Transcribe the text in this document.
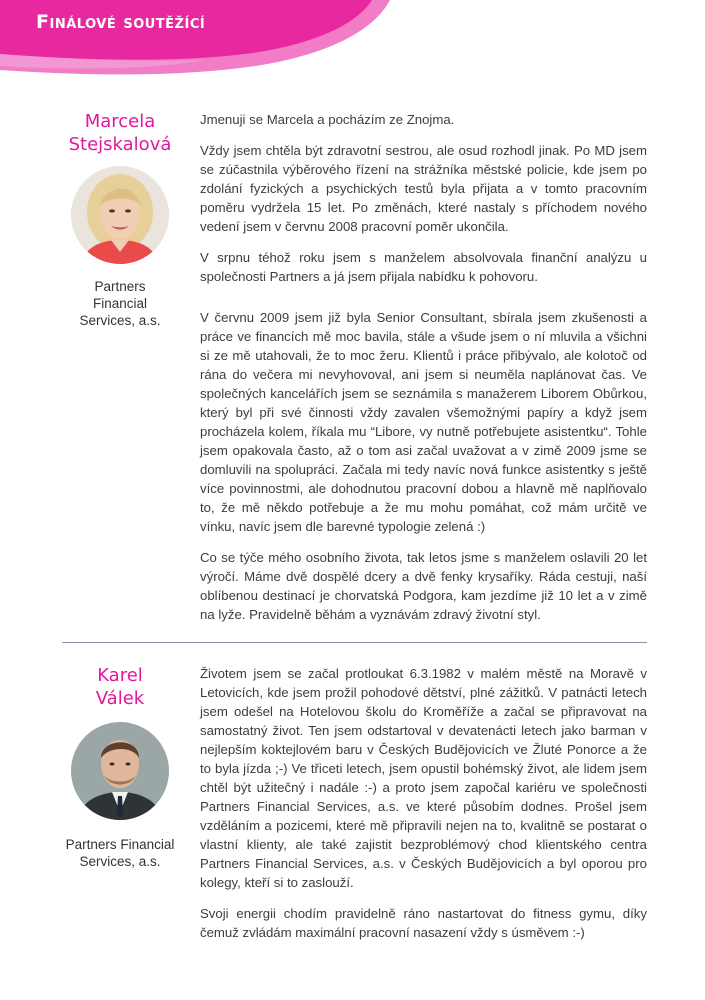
Finálové soutěžící
Marcela
Stejskalová
Partners
Financial
Services, a.s.

Jmenuji se Marcela a pocházím ze Znojma.

Vždy jsem chtěla být zdravotní sestrou, ale osud rozhodl jinak. Po MD jsem se zúčastnila výběrového řízení na strážníka městské policie, kde jsem po zdolání fyzických a psychických testů byla přijata a v tomto pracovním poměru vydržela 15 let. Po změnách, které nastaly s příchodem nového vedení jsem v červnu 2008 pracovní poměr ukončila.

V srpnu téhož roku jsem s manželem absolvovala finanční analýzu u společnosti Partners a já jsem přijala nabídku k pohovoru.

V červnu 2009 jsem již byla Senior Consultant, sbírala jsem zkušenosti a práce ve financích mě moc bavila, stále a všude jsem o ní mluvila a všichni si ze mě utahovali, že to moc žeru. Klientů i práce přibývalo, ale kolotoč od rána do večera mi nevyhovoval, ani jsem si neuměla naplánovat čas. Ve společných kancelářích jsem se seznámila s manažerem Liborem Obůrkou, který byl při své činnosti vždy zavalen všemožnými papíry a když jsem procházela kolem, říkala mu “Libore, vy nutně potřebujete asistentku“. Tohle jsem opakovala často, až o tom asi začal uvažovat a v zimě 2009 jsme se domluvili na spolupráci. Začala mi tedy navíc nová funkce asistentky s ještě více povinnostmi, ale dohodnutou pracovní dobou a hlavně mě naplňovalo to, že mě někdo potřebuje a že mu mohu pomáhat, což mám určitě ve vínku, navíc jsem dle barevné typologie zelená :)

Co se týče mého osobního života, tak letos jsme s manželem oslavili 20 let výročí. Máme dvě dospělé dcery a dvě fenky krysaříky. Ráda cestuji, naší oblíbenou destinací je chorvatská Podgora, kam jezdíme již 10 let a v zimě na lyže. Pravidelně běhám a vyznávám zdravý životní styl.

Karel
Válek
Partners Financial
Services, a.s.

Životem jsem se začal protloukat 6.3.1982 v malém městě na Moravě v Letovicích, kde jsem prožil pohodové dětství, plné zážitků. V patnácti letech jsem odešel na Hotelovou školu do Kroměříže a začal se připravovat na samostatný život. Ten jsem odstartoval v devatenácti letech jako barman v nejlepším koktejlovém baru v Českých Budějovicích ve Žluté Ponorce a že to byla jízda ;-) Ve třiceti letech, jsem opustil bohémský život, ale lidem jsem chtěl být užitečný i nadále :-) a proto jsem započal kariéru ve společnosti Partners Financial Services, a.s. ve které působím dodnes. Prošel jsem vzděláním a pozicemi, které mě připravili nejen na to, kvalitně se postarat o vlastní klienty, ale také zajistit bezproblémový chod klientského centra Partners Financial Services, a.s. v Českých Budějovicích a byl oporou pro kolegy, kteří si to zaslouží.

Svoji energii chodím pravidelně ráno nastartovat do fitness gymu, díky čemuž zvládám maximální pracovní nasazení vždy s úsměvem :-)
